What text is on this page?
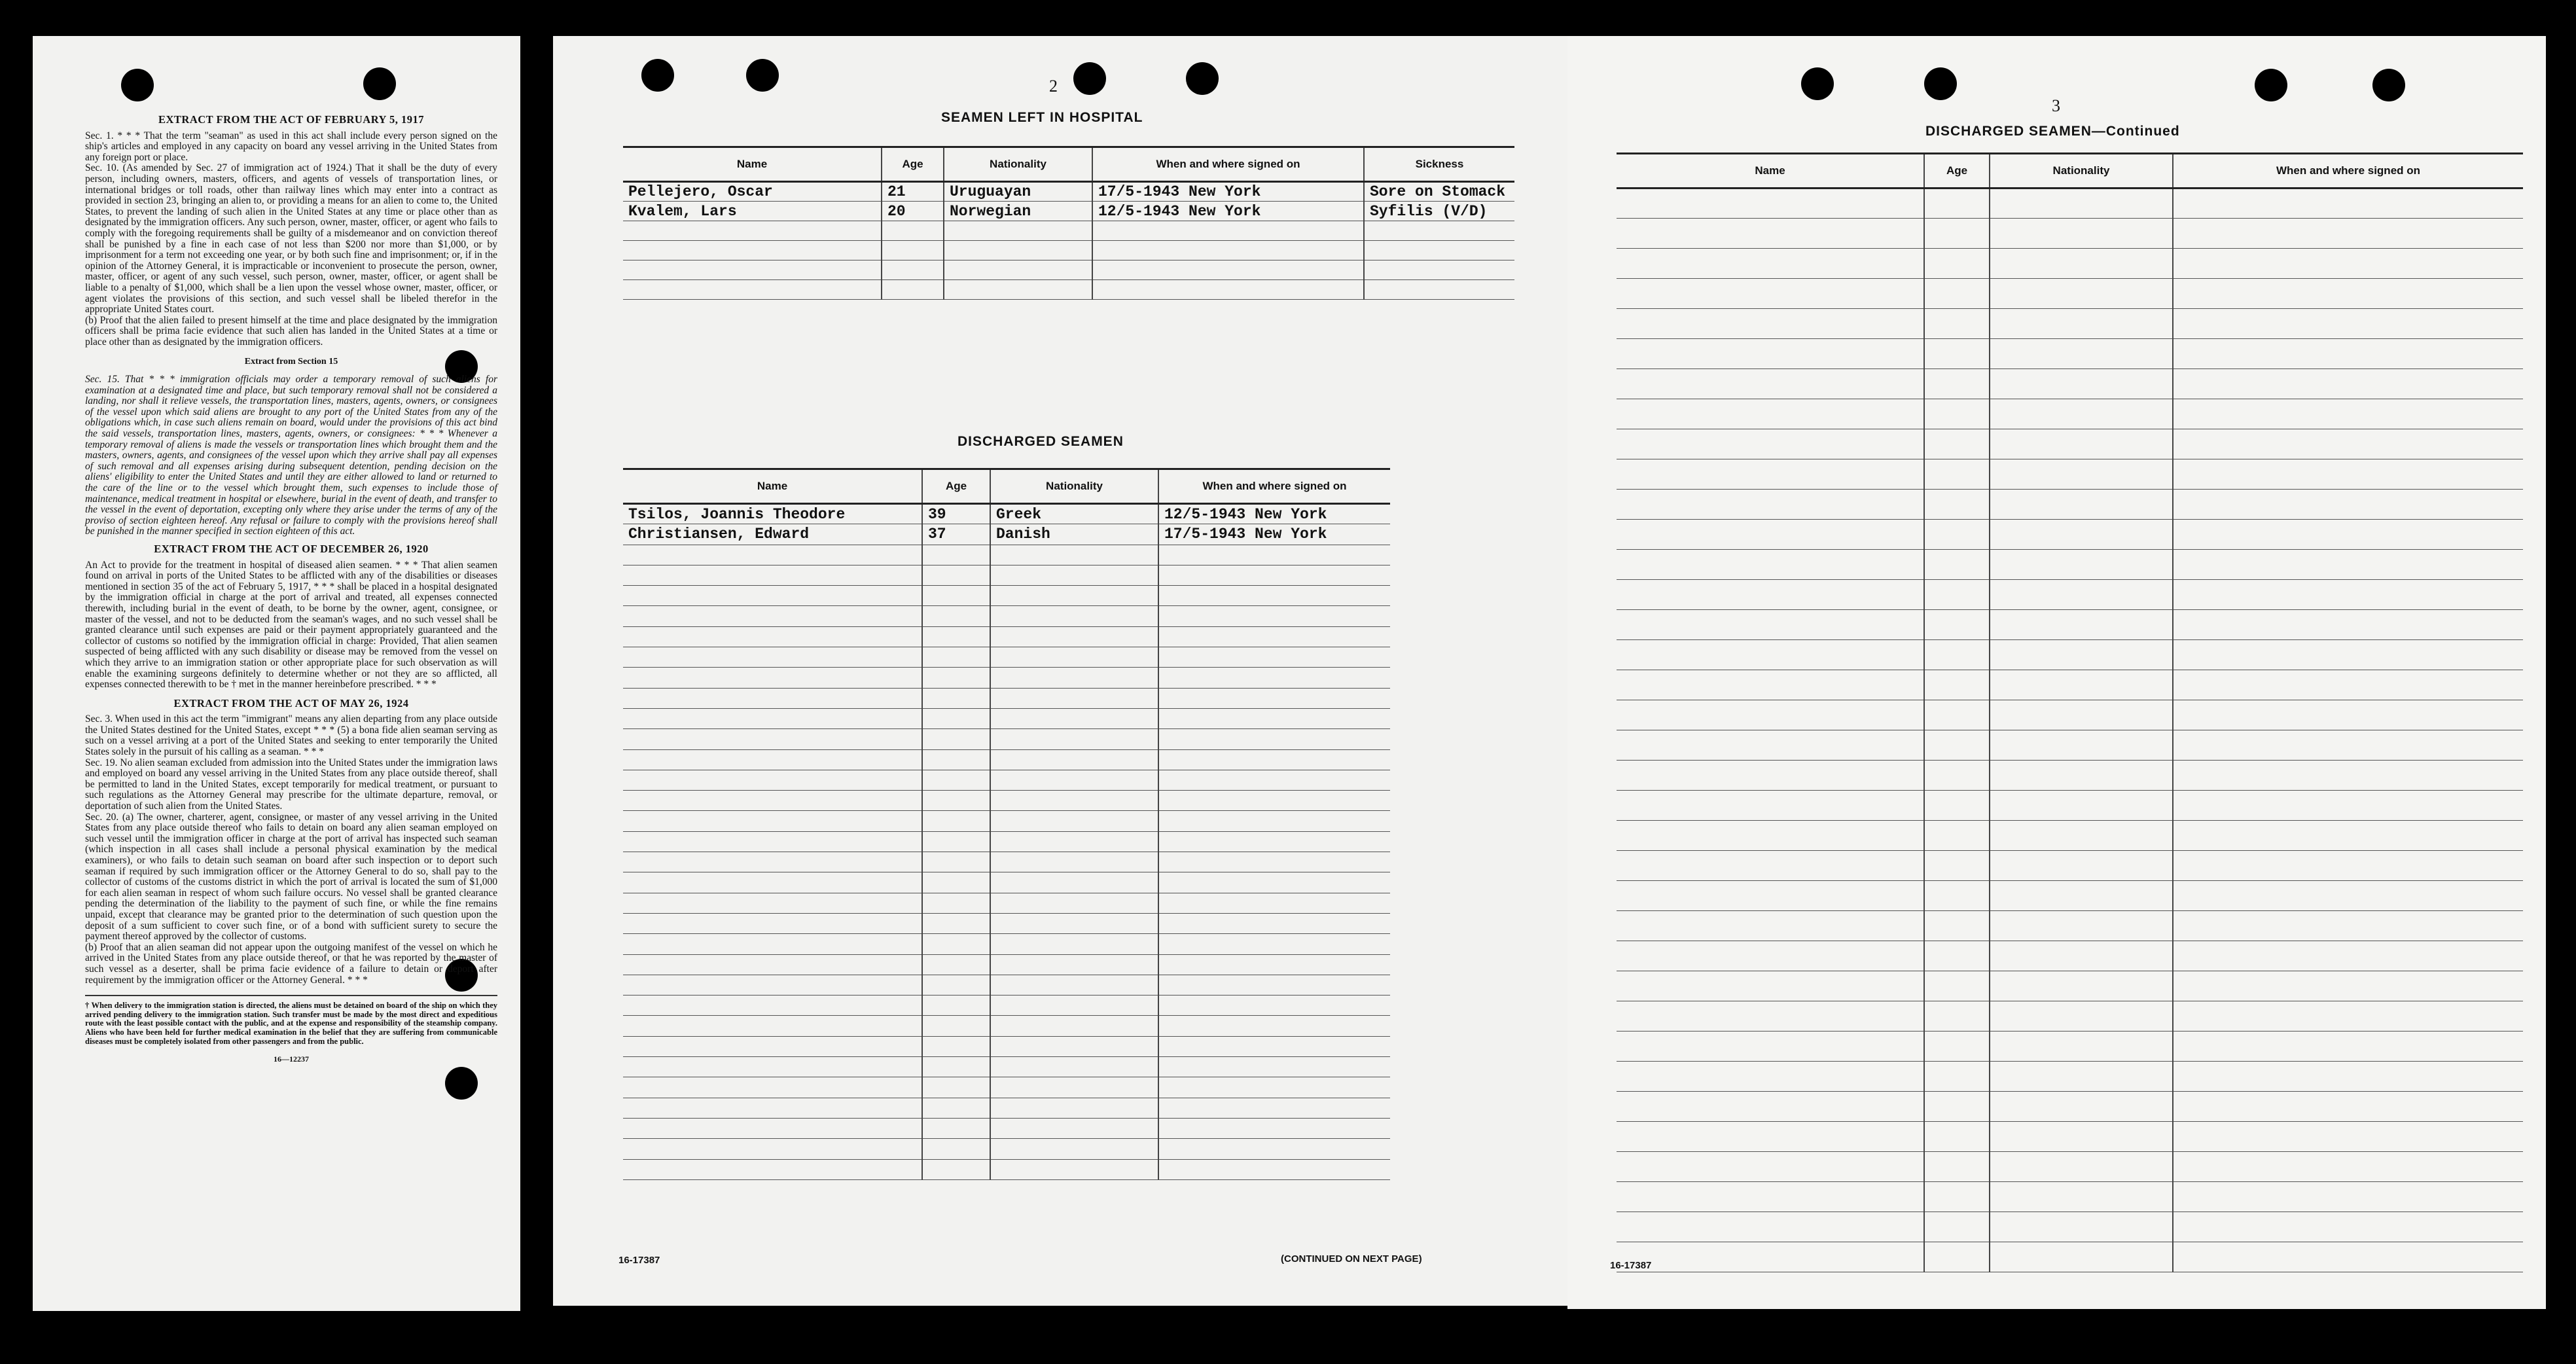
EXTRACT FROM THE ACT OF FEBRUARY 5, 1917

Sec. 1. * * * That the term "seaman" as used in this act shall include every person signed on the ship's articles and employed in any capacity on board any vessel arriving in the United States from any foreign port or place.

Sec. 10. (As amended by Sec. 27 of immigration act of 1924.) That it shall be the duty of every person, including owners, masters, officers, and agents of vessels of transportation lines, or international bridges or toll roads, other than railway lines which may enter into a contract as provided in section 23, bringing an alien to, or providing a means for an alien to come to, the United States, to prevent the landing of such alien in the United States at any time or place other than as designated by the immigration officers. Any such person, owner, master, officer, or agent who fails to comply with the foregoing requirements shall be guilty of a misdemeanor and on conviction thereof shall be punished by a fine in each case of not less than $200 nor more than $1,000, or by imprisonment for a term not exceeding one year, or by both such fine and imprisonment; or, if in the opinion of the Attorney General, it is impracticable or inconvenient to prosecute the person, owner, master, officer, or agent of any such vessel, such person, owner, master, officer, or agent shall be liable to a penalty of $1,000, which shall be a lien upon the vessel whose owner, master, officer, or agent violates the provisions of this section, and such vessel shall be libeled therefor in the appropriate United States court.

(b) Proof that the alien failed to present himself at the time and place designated by the immigration officers shall be prima facie evidence that such alien has landed in the United States at a time or place other than as designated by the immigration officers.

Extract from Section 15

Sec. 15. That * * * immigration officials may order a temporary removal of such aliens for examination at a designated time and place, but such temporary removal shall not be considered a landing, nor shall it relieve vessels, the transportation lines, masters, agents, owners, or consignees of the vessel upon which said aliens are brought to any port of the United States from any of the obligations which, in case such aliens remain on board, would under the provisions of this act bind the said vessels, transportation lines, masters, agents, owners, or consignees: * * * Whenever a temporary removal of aliens is made the vessels or transportation lines which brought them and the masters, owners, agents, and consignees of the vessel upon which they arrive shall pay all expenses of such removal and all expenses arising during subsequent detention, pending decision on the aliens' eligibility to enter the United States and until they are either allowed to land or returned to the care of the line or to the vessel which brought them, such expenses to include those of maintenance, medical treatment in hospital or elsewhere, burial in the event of death, and transfer to the vessel in the event of deportation, excepting only where they arise under the terms of any of the proviso of section eighteen hereof. Any refusal or failure to comply with the provisions hereof shall be punished in the manner specified in section eighteen of this act.

EXTRACT FROM THE ACT OF DECEMBER 26, 1920

An Act to provide for the treatment in hospital of diseased alien seamen. * * * That alien seamen found on arrival in ports of the United States to be afflicted with any of the disabilities or diseases mentioned in section 35 of the act of February 5, 1917, * * * shall be placed in a hospital designated by the immigration official in charge at the port of arrival and treated, all expenses connected therewith, including burial in the event of death, to be borne by the owner, agent, consignee, or master of the vessel, and not to be deducted from the seaman's wages, and no such vessel shall be granted clearance until such expenses are paid or their payment appropriately guaranteed and the collector of customs so notified by the immigration official in charge: Provided, That alien seamen suspected of being afflicted with any such disability or disease may be removed from the vessel on which they arrive to an immigration station or other appropriate place for such observation as will enable the examining surgeons definitely to determine whether or not they are so afflicted, all expenses connected therewith to be † met in the manner hereinbefore prescribed. * * *

EXTRACT FROM THE ACT OF MAY 26, 1924

Sec. 3. When used in this act the term "immigrant" means any alien departing from any place outside the United States destined for the United States, except * * * (5) a bona fide alien seaman serving as such on a vessel arriving at a port of the United States and seeking to enter temporarily the United States solely in the pursuit of his calling as a seaman. * * *

Sec. 19. No alien seaman excluded from admission into the United States under the immigration laws and employed on board any vessel arriving in the United States from any place outside thereof, shall be permitted to land in the United States, except temporarily for medical treatment, or pursuant to such regulations as the Attorney General may prescribe for the ultimate departure, removal, or deportation of such alien from the United States.

Sec. 20. (a) The owner, charterer, agent, consignee, or master of any vessel arriving in the United States from any place outside thereof who fails to detain on board any alien seaman employed on such vessel until the immigration officer in charge at the port of arrival has inspected such seaman (which inspection in all cases shall include a personal physical examination by the medical examiners), or who fails to detain such seaman on board after such inspection or to deport such seaman if required by such immigration officer or the Attorney General to do so, shall pay to the collector of customs of the customs district in which the port of arrival is located the sum of $1,000 for each alien seaman in respect of whom such failure occurs. No vessel shall be granted clearance pending the determination of the liability to the payment of such fine, or while the fine remains unpaid, except that clearance may be granted prior to the determination of such question upon the deposit of a sum sufficient to cover such fine, or of a bond with sufficient surety to secure the payment thereof approved by the collector of customs.

(b) Proof that an alien seaman did not appear upon the outgoing manifest of the vessel on which he arrived in the United States from any place outside thereof, or that he was reported by the master of such vessel as a deserter, shall be prima facie evidence of a failure to detain or deport after requirement by the immigration officer or the Attorney General. * * *

† When delivery to the immigration station is directed, the aliens must be detained on board of the ship on which they arrived pending delivery to the immigration station. Such transfer must be made by the most direct and expeditious route with the least possible contact with the public, and at the expense and responsibility of the steamship company. Aliens who have been held for further medical examination in the belief that they are suffering from communicable diseases must be completely isolated from other passengers and from the public.

16—12237

2
SEAMEN LEFT IN HOSPITAL
Name	Age	Nationality	When and where signed on	Sickness
Pellejero, Oscar	21	Uruguayan	17/5-1943 New York	Sore on Stomack
Kvalem, Lars	20	Norwegian	12/5-1943 New York	Syfilis (V/D)

DISCHARGED SEAMEN
Name	Age	Nationality	When and where signed on
Tsilos, Joannis Theodore	39	Greek	12/5-1943 New York
Christiansen, Edward	37	Danish	17/5-1943 New York

16-17387	(CONTINUED ON NEXT PAGE)
3
DISCHARGED SEAMEN—Continued
Name	Age	Nationality	When and where signed on

16-17387
